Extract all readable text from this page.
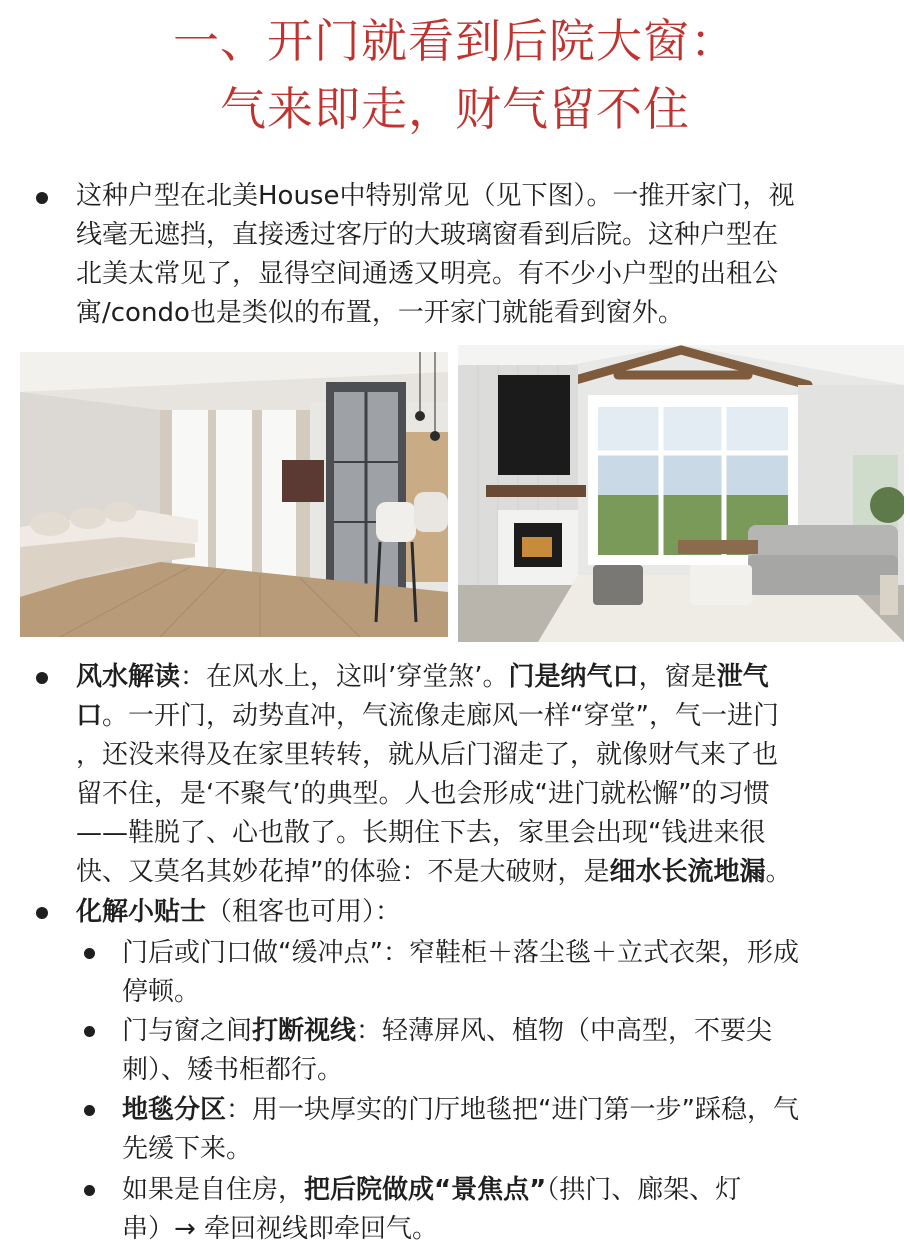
一、开门就看到后院大窗：
气来即走，财气留不住
这种户型在北美House中特别常见（见下图）。一推开家门，视
线毫无遮挡，直接透过客厅的大玻璃窗看到后院。这种户型在
北美太常见了，显得空间通透又明亮。有不少小户型的出租公
寓/condo也是类似的布置，一开家门就能看到窗外。
风水解读：在风水上，这叫’穿堂煞’。门是纳气口，窗是泄气
口。一开门，动势直冲，气流像走廊风一样“穿堂”，气一进门
，还没来得及在家里转转，就从后门溜走了，就像财气来了也
留不住，是‘不聚气’的典型。人也会形成“进门就松懈”的习惯
——鞋脱了、心也散了。长期住下去，家里会出现“钱进来很
快、又莫名其妙花掉”的体验：不是大破财，是细水长流地漏。
化解小贴士（租客也可用）：
门后或门口做“缓冲点”：窄鞋柜＋落尘毯＋立式衣架，形成
停顿。
门与窗之间打断视线：轻薄屏风、植物（中高型，不要尖
刺）、矮书柜都行。
地毯分区：用一块厚实的门厅地毯把“进门第一步”踩稳，气
先缓下来。
如果是自住房，把后院做成“景焦点”（拱门、廊架、灯
串）→ 牵回视线即牵回气。
